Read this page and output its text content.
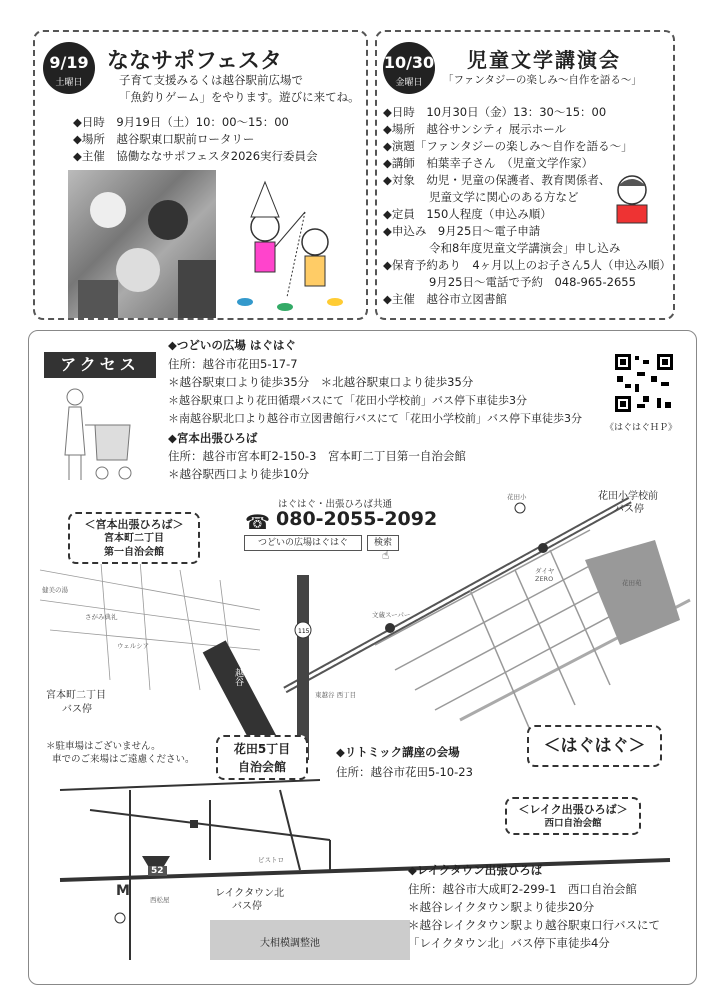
9/19
土曜日
ななサポフェスタ
子育て支援みるくは越谷駅前広場で
「魚釣りゲーム」をやります。遊びに来てね。
◆日時　9月19日（土）10：00～15：00
◆場所　越谷駅東口駅前ロータリー
◆主催　協働ななサポフェスタ2026実行委員会
10/30
金曜日
児童文学講演会
「ファンタジーの楽しみ～自作を語る～」
◆日時　10月30日（金）13：30～15：00
◆場所　越谷サンシティ 展示ホール
◆演題「ファンタジーの楽しみ～自作を語る～」
◆講師　柏葉幸子さん　（児童文学作家）
◆対象　幼児・児童の保護者、教育関係者、
　　　　児童文学に関心のある方など
◆定員　150人程度（申込み順）
◆申込み　9月25日～電子申請
　　　　令和8年度児童文学講演会」申し込み
◆保育予約あり　4ヶ月以上のお子さん5人（申込み順）
　　　　9月25日～電話で予約　048-965-2655
◆主催　越谷市立図書館
アクセス
◆つどいの広場 はぐはぐ
住所：越谷市花田5-17-7
＊越谷駅東口より徒歩35分　＊北越谷駅東口より徒歩35分
＊越谷駅東口より花田循環バスにて「花田小学校前」バス停下車徒歩3分
＊南越谷駅北口より越谷市立図書館行バスにて「花田小学校前」バス停下車徒歩3分
◆宮本出張ひろば
住所：越谷市宮本町2-150-3　宮本町二丁目第一自治会館
＊越谷駅西口より徒歩10分
《はぐはぐＨＰ》
115
花田小
ダイヤ
ZERO	花田苑
文蔵スーパー
健美の湯
さがみ典礼
ウェルシア
東越谷 西丁目
ビストロ
52
M
西松屋
越谷
＜宮本出張ひろば＞
宮本町二丁目
第一自治会館
はぐはぐ・出張ひろば共通
☎ 080-2055-2092
つどいの広場はぐはぐ	検索
☝
花田小学校前
バス停
宮本町二丁目
バス停
＊駐車場はございません。
車でのご来場はご遠慮ください。
花田5丁目
自治会館
◆リトミック講座の会場
住所：越谷市花田5-10-23
＜はぐはぐ＞
＜レイク出張ひろば＞
西口自治会館
レイクタウン北
バス停
大相模調整池
◆レイクタウン出張ひろば
住所：越谷市大成町2-299-1　西口自治会館
＊越谷レイクタウン駅より徒歩20分
＊越谷レイクタウン駅より越谷駅東口行バスにて
「レイクタウン北」バス停下車徒歩4分
